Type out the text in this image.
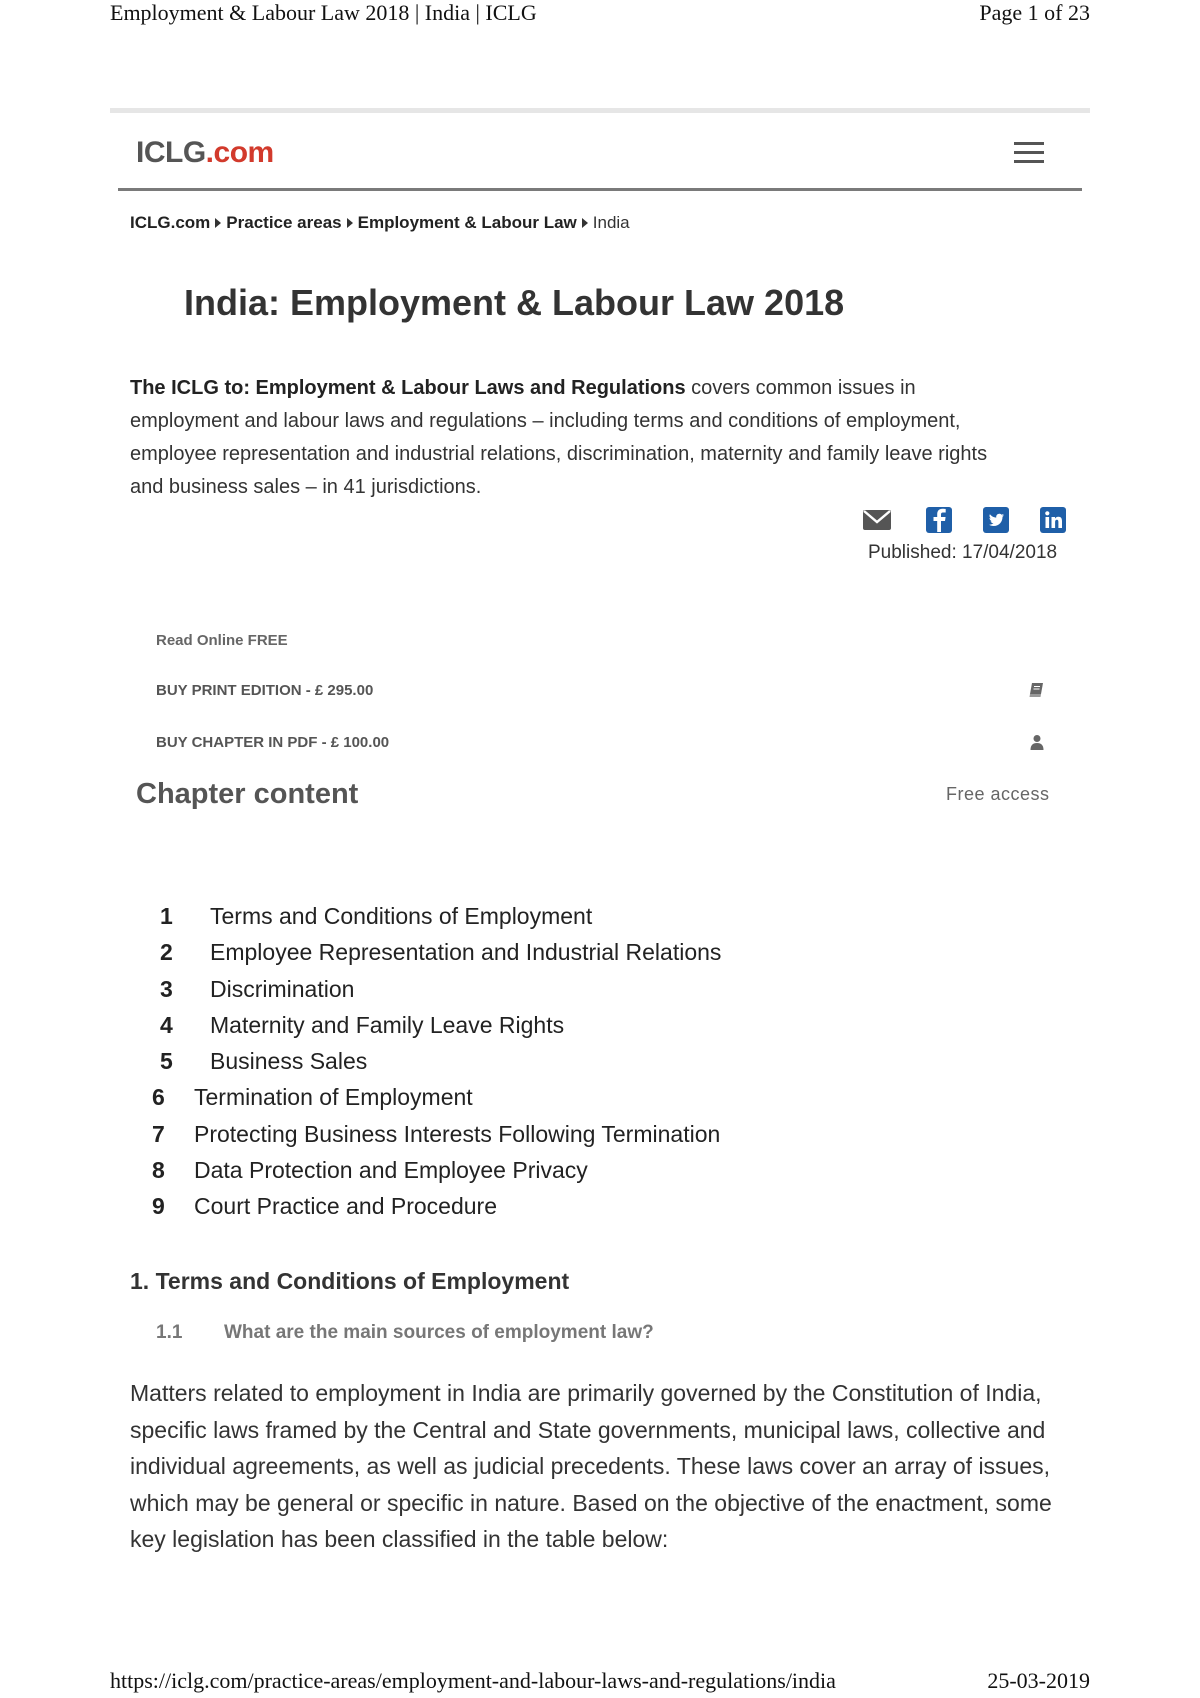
Employment & Labour Law 2018 | India | ICLG	Page 1 of 23
ICLG.com
ICLG.com Practice areas Employment & Labour Law India
India: Employment & Labour Law 2018
The ICLG to: Employment & Labour Laws and Regulations covers common issues in employment and labour laws and regulations – including terms and conditions of employment, employee representation and industrial relations, discrimination, maternity and family leave rights and business sales – in 41 jurisdictions.
Published: 17/04/2018
Read Online FREE
BUY PRINT EDITION - £ 295.00
BUY CHAPTER IN PDF - £ 100.00
Chapter content	Free access
1 Terms and Conditions of Employment
2 Employee Representation and Industrial Relations
3 Discrimination
4 Maternity and Family Leave Rights
5 Business Sales
6 Termination of Employment
7 Protecting Business Interests Following Termination
8 Data Protection and Employee Privacy
9 Court Practice and Procedure
1. Terms and Conditions of Employment
1.1 What are the main sources of employment law?
Matters related to employment in India are primarily governed by the Constitution of India, specific laws framed by the Central and State governments, municipal laws, collective and individual agreements, as well as judicial precedents. These laws cover an array of issues, which may be general or specific in nature. Based on the objective of the enactment, some key legislation has been classified in the table below:
https://iclg.com/practice-areas/employment-and-labour-laws-and-regulations/india	25-03-2019
